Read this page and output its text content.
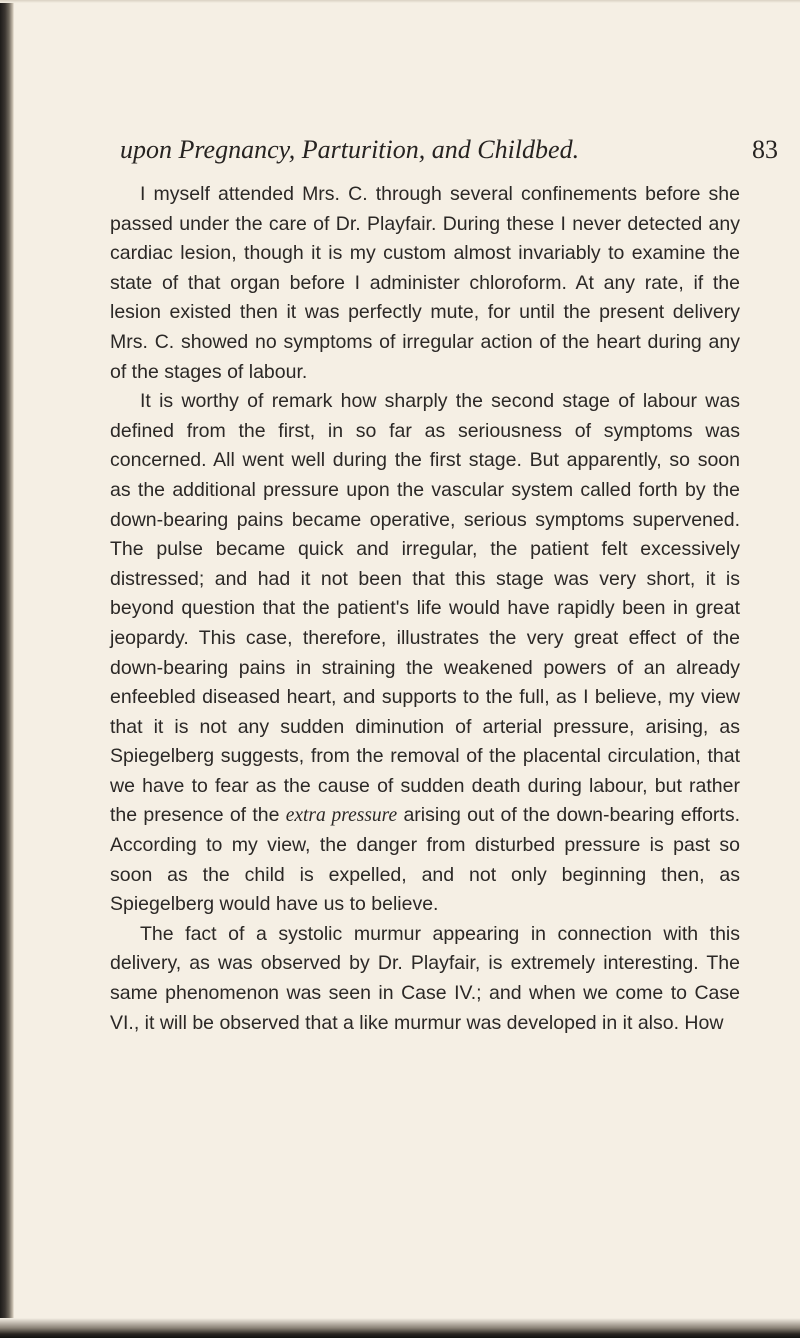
upon Pregnancy, Parturition, and Childbed.	83

I myself attended Mrs. C. through several confinements before she passed under the care of Dr. Playfair. During these I never detected any cardiac lesion, though it is my custom almost invariably to examine the state of that organ before I administer chloroform. At any rate, if the lesion existed then it was perfectly mute, for until the present delivery Mrs. C. showed no symptoms of irregular action of the heart during any of the stages of labour.

It is worthy of remark how sharply the second stage of labour was defined from the first, in so far as seriousness of symptoms was concerned. All went well during the first stage. But apparently, so soon as the additional pressure upon the vascular system called forth by the down-bearing pains became operative, serious symptoms supervened. The pulse became quick and irregular, the patient felt excessively distressed; and had it not been that this stage was very short, it is beyond question that the patient's life would have rapidly been in great jeopardy. This case, therefore, illustrates the very great effect of the down-bearing pains in straining the weakened powers of an already enfeebled diseased heart, and supports to the full, as I believe, my view that it is not any sudden diminution of arterial pressure, arising, as Spiegelberg suggests, from the removal of the placental circulation, that we have to fear as the cause of sudden death during labour, but rather the presence of the extra pressure arising out of the down-bearing efforts. According to my view, the danger from disturbed pressure is past so soon as the child is expelled, and not only beginning then, as Spiegelberg would have us to believe.

The fact of a systolic murmur appearing in connection with this delivery, as was observed by Dr. Playfair, is extremely interesting. The same phenomenon was seen in Case IV.; and when we come to Case VI., it will be observed that a like murmur was developed in it also. How
